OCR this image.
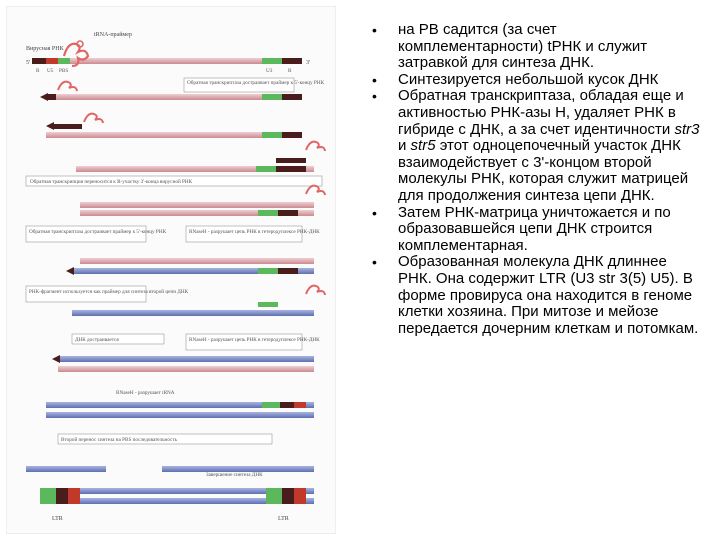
Вирусная РНК
tRNA-праймер
5'	3'
R U5 PBS	U3	R
Обратная транскриптаза достраивает праймер к 5'-концу РНК
Обратная транскрипция переносится к R-участку 3'-конца вирусной РНК
Обратная транскриптаза достраивает праймер к 5'-концу РНК	RNaseH - разрушает цепь РНК в гетеродуплексе РНК-ДНК
РНК-фрагмент используется как праймер для синтеза второй цепи ДНК
ДНК достраивается	RNaseH - разрушает цепь РНК в гетеродуплексе РНК-ДНК
RNaseH - разрушает tRNA
Второй перенос синтеза на PBS последовательность
Завершение синтеза ДНК
LTR	LTR
• на РВ садится (за счет комплементарности) tРНК и служит затравкой для синтеза ДНК.
• Синтезируется небольшой кусок ДНК
• Обратная транскриптаза, обладая еще и активностью РНК-азы Н, удаляет РНК в гибриде с ДНК, а за счет идентичности str3 и str5 этот одноцепочечный участок ДНК взаимодействует с 3'-концом второй молекулы РНК, которая служит матрицей для продолжения синтеза цепи ДНК.
• Затем РНК-матрица уничтожается и по образовавшейся цепи ДНК строится комплементарная.
• Образованная молекула ДНК длиннее РНК. Она содержит LTR (U3 str 3(5) U5). В форме провируса она находится в геноме клетки хозяина. При митозе и мейозе передается дочерним клеткам и потомкам.
